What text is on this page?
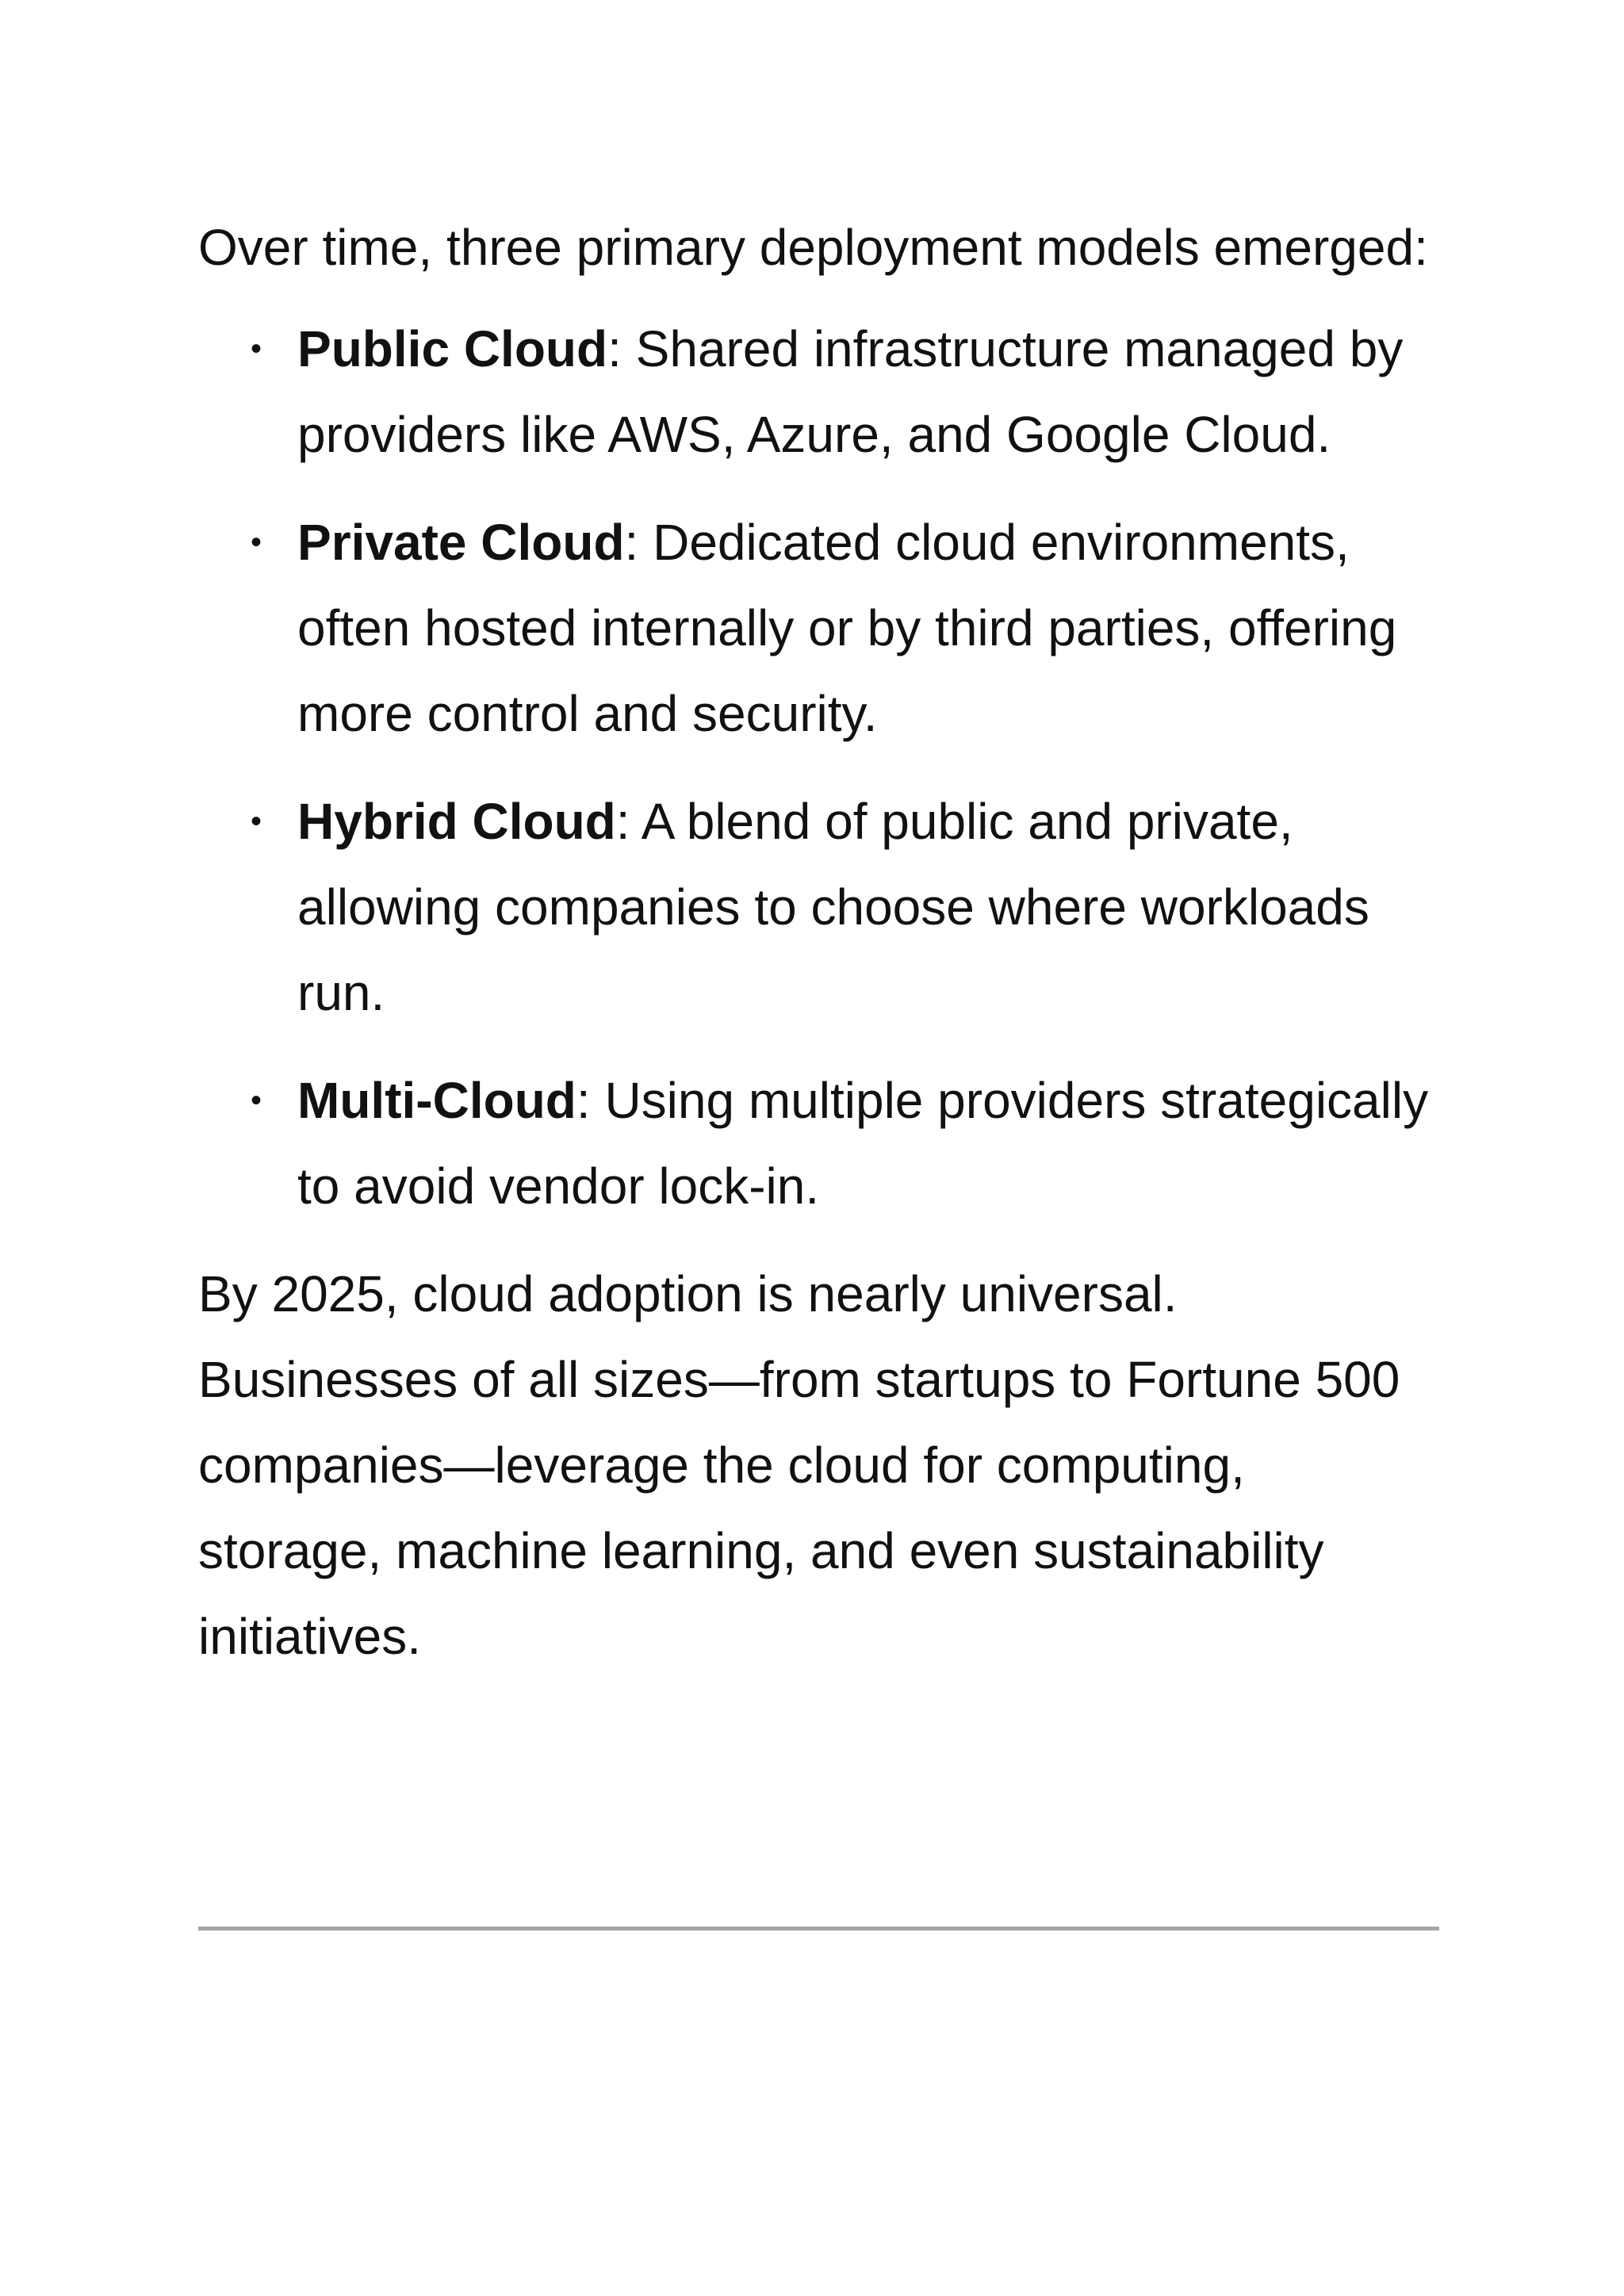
Over time, three primary deployment models emerged:

• Public Cloud: Shared infrastructure managed by providers like AWS, Azure, and Google Cloud.
• Private Cloud: Dedicated cloud environments, often hosted internally or by third parties, offering more control and security.
• Hybrid Cloud: A blend of public and private, allowing companies to choose where workloads run.
• Multi-Cloud: Using multiple providers strategically to avoid vendor lock-in.

By 2025, cloud adoption is nearly universal. Businesses of all sizes—from startups to Fortune 500 companies—leverage the cloud for computing, storage, machine learning, and even sustainability initiatives.
